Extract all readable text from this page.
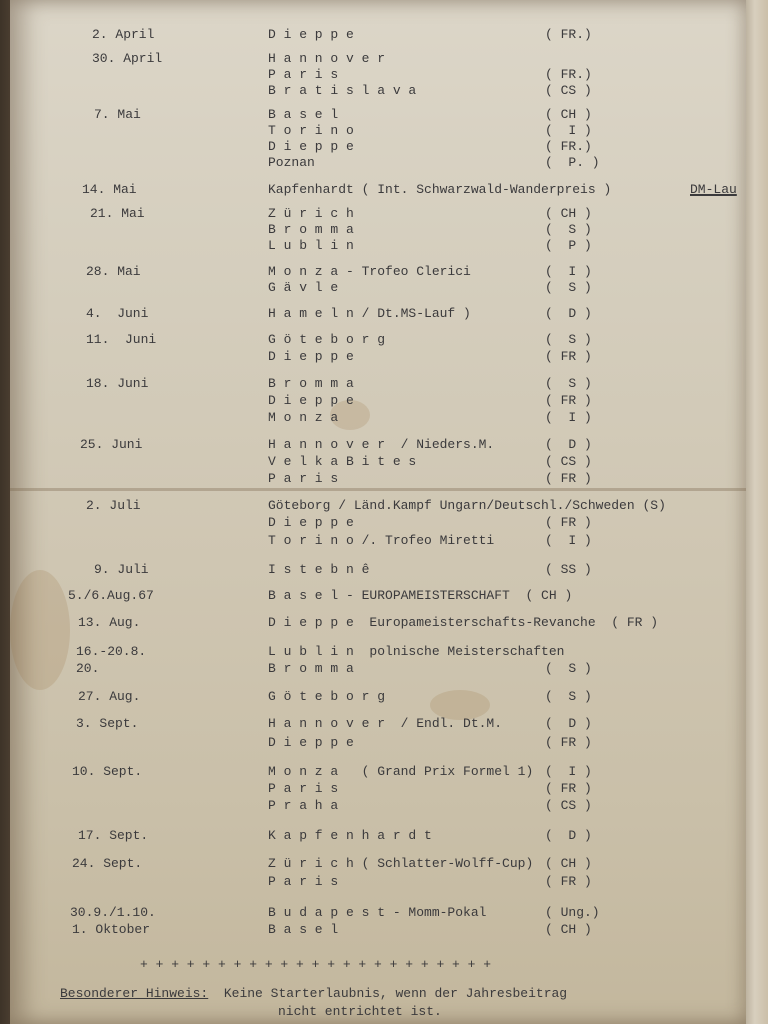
2. April	D i e p p e	( FR.)
30. April	H a n n o v e r
P a r i s	( FR.)
B r a t i s l a v a	( CS )
7. Mai	B a s e l	( CH )
T o r i n o	(  I )
D i e p p e	( FR.)
Poznan	(  P. )
14. Mai	Kapfenhardt ( Int. Schwarzwald-Wanderpreis )	DM-Lau
21. Mai	Z ü r i c h	( CH )
B r o m m a	(  S )
L u b l i n	(  P )
28. Mai	M o n z a - Trofeo Clerici	(  I )
G ä v l e	(  S )
4.  Juni	H a m e l n / Dt.MS-Lauf )	(  D )
11.  Juni	G ö t e b o r g	(  S )
D i e p p e	( FR )
18. Juni	B r o m m a	(  S )
D i e p p e	( FR )
M o n z a	(  I )
25. Juni	H a n n o v e r  / Nieders.M.	(  D )
V e l k a B i t e s	( CS )
P a r i s	( FR )
2. Juli	Göteborg / Länd.Kampf Ungarn/Deutschl./Schweden (S)
D i e p p e	( FR )
T o r i n o /. Trofeo Miretti	(  I )
9. Juli	I s t e b n ê	( SS )
5./6.Aug.67	B a s e l - EUROPAMEISTERSCHAFT  ( CH )
13. Aug.	D i e p p e  Europameisterschafts-Revanche  ( FR )
16.-20.8.	L u b l i n  polnische Meisterschaften
20.	B r o m m a	(  S )
27. Aug.	G ö t e b o r g	(  S )
3. Sept.	H a n n o v e r  / Endl. Dt.M.	(  D )
D i e p p e	( FR )
10. Sept.	M o n z a   ( Grand Prix Formel 1) (  I )
P a r i s	( FR )
P r a h a	( CS )
17. Sept.	K a p f e n h a r d t	(  D )
24. Sept.	Z ü r i c h ( Schlatter-Wolff-Cup) ( CH )
P a r i s	( FR )
30.9./1.10.	B u d a p e s t - Momm-Pokal	( Ung.)
1. Oktober	B a s e l	( CH )
+ + + + + + + + + + + + + + + + + + + + + + +
Besonderer Hinweis: Keine Starterlaubnis, wenn der Jahresbeitrag
nicht entrichtet ist.
